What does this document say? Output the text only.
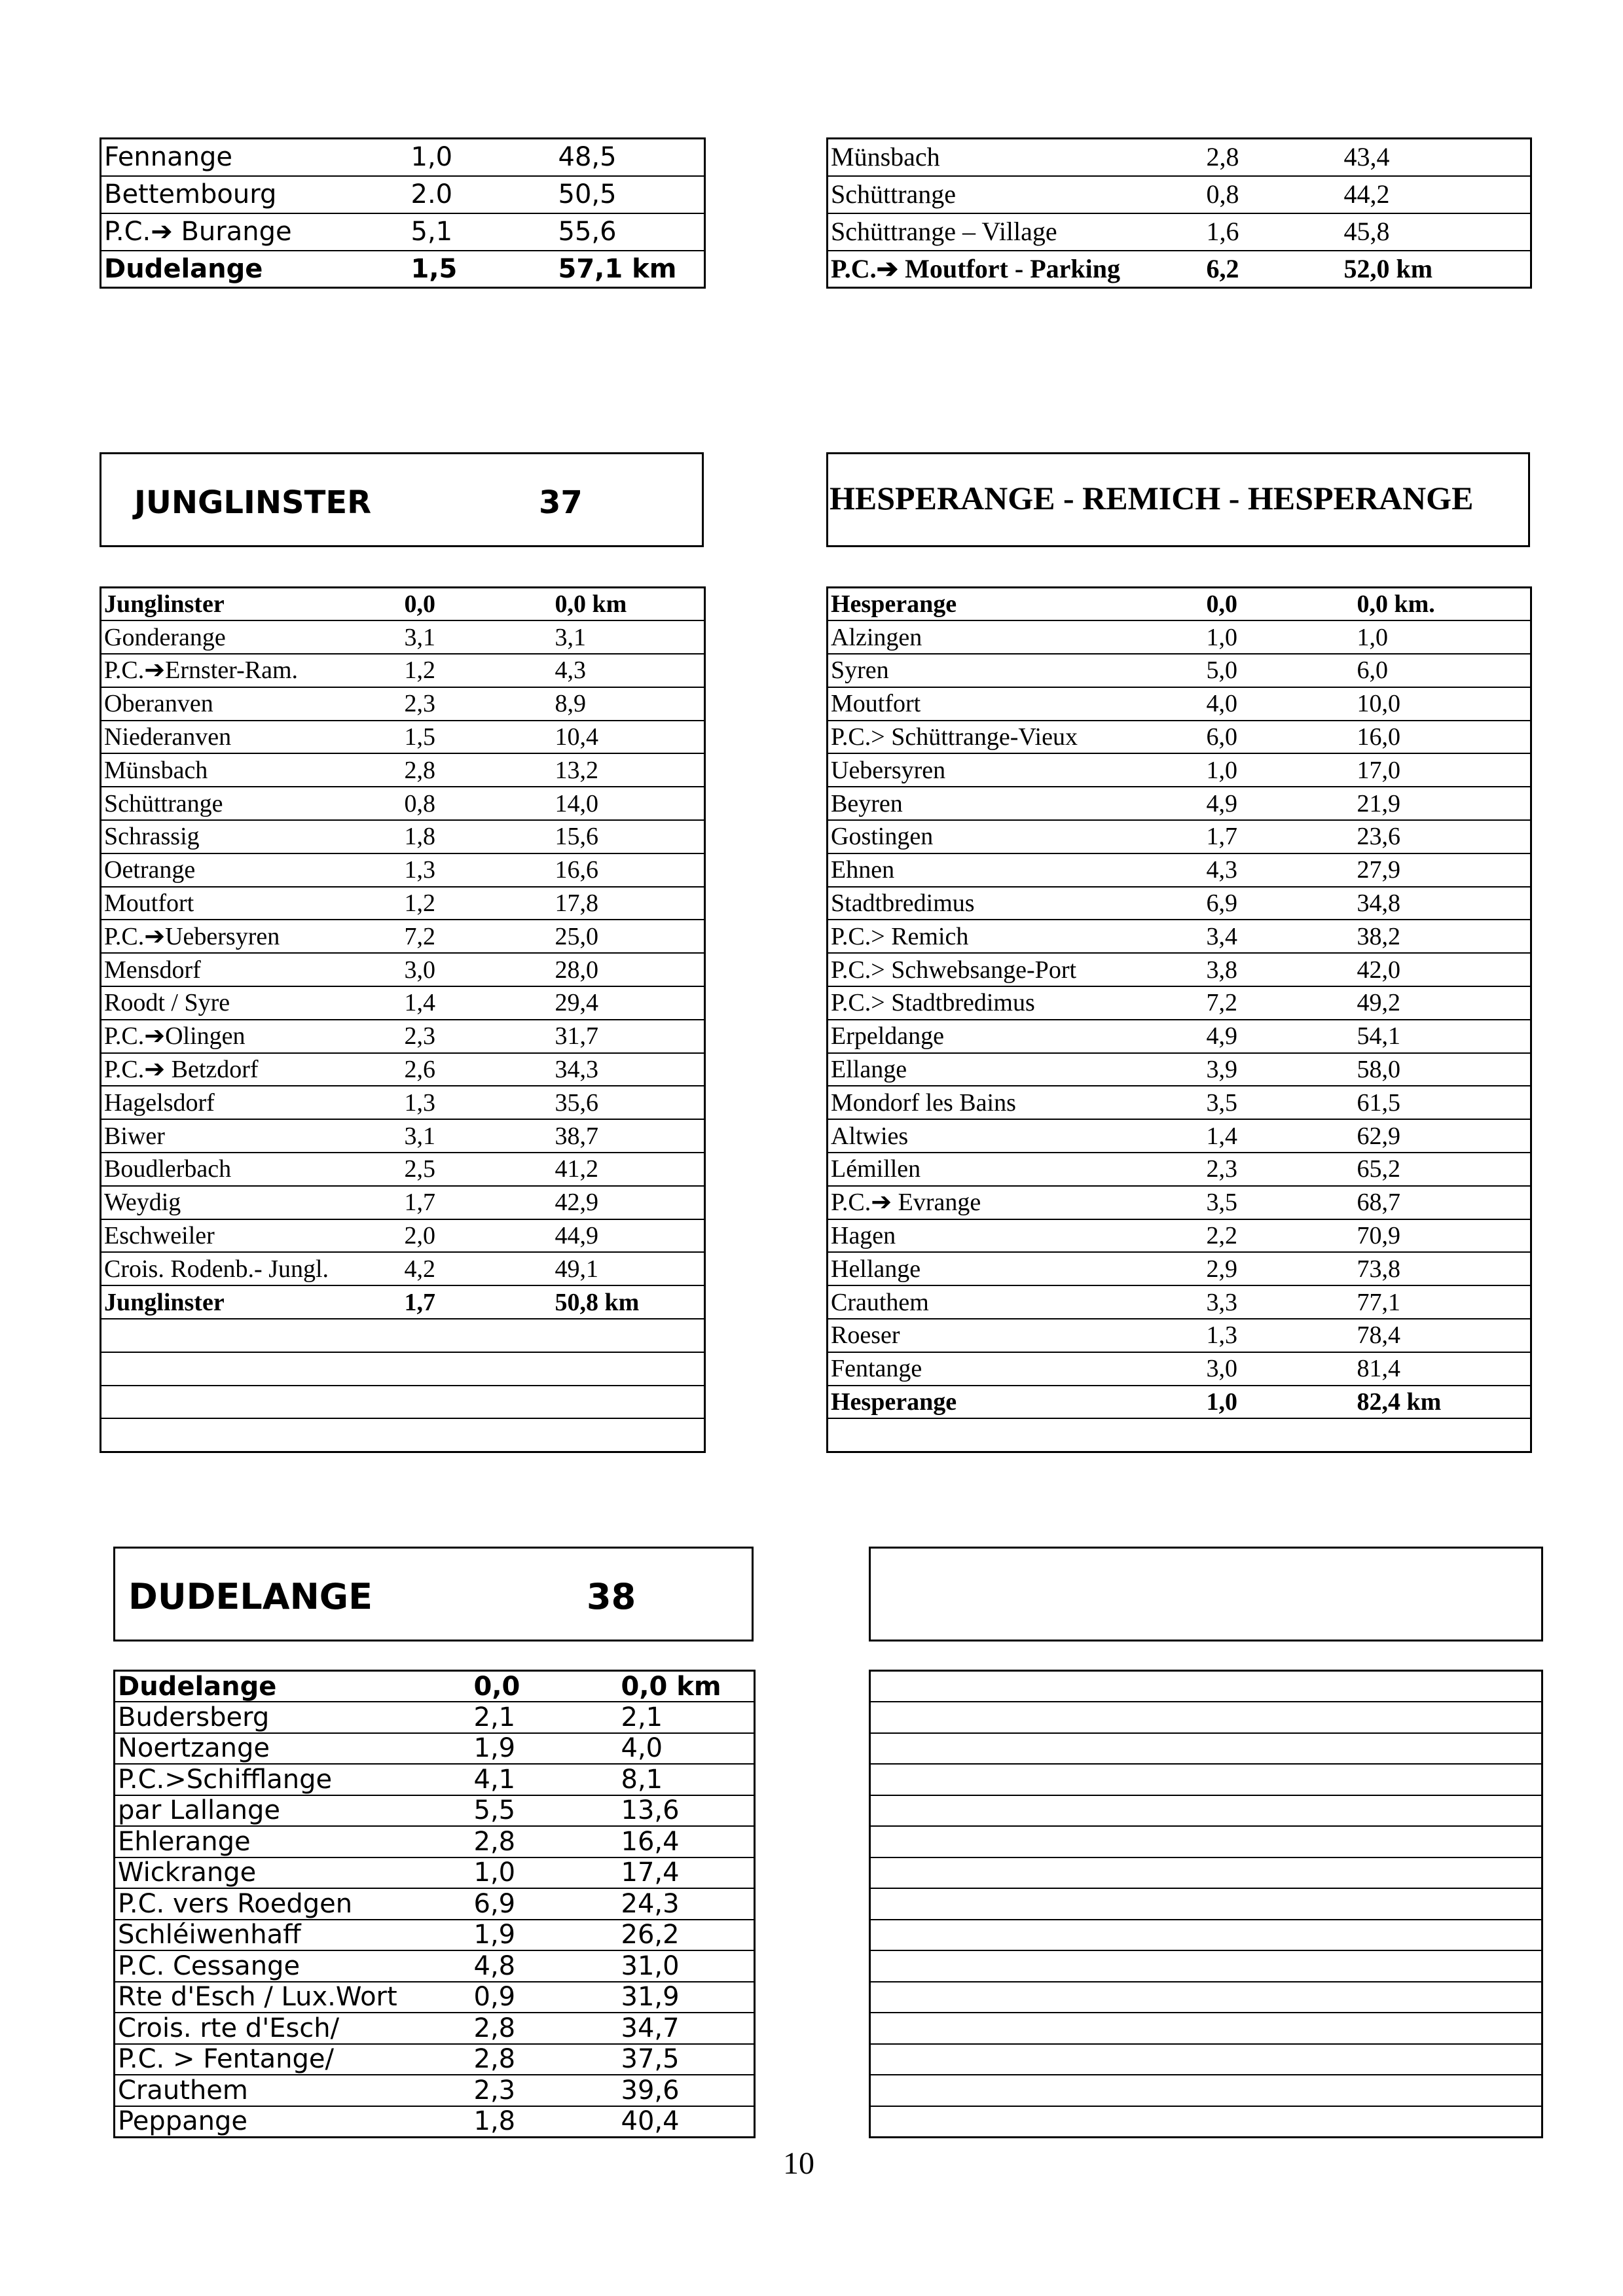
Fennange	1,0	48,5
Bettembourg	2.0	50,5
P.C.➔ Burange	5,1	55,6
Dudelange	1,5	57,1 km
Münsbach	2,8	43,4
Schüttrange	0,8	44,2
Schüttrange – Village	1,6	45,8
P.C.➔ Moutfort - Parking	6,2	52,0 km
JUNGLINSTER	37	HESPERANGE - REMICH - HESPERANGE
Junglinster	0,0	0,0 km
Gonderange	3,1	3,1
P.C.➔Ernster-Ram.	1,2	4,3
Oberanven	2,3	8,9
Niederanven	1,5	10,4
Münsbach	2,8	13,2
Schüttrange	0,8	14,0
Schrassig	1,8	15,6
Oetrange	1,3	16,6
Moutfort	1,2	17,8
P.C.➔Uebersyren	7,2	25,0
Mensdorf	3,0	28,0
Roodt / Syre	1,4	29,4
P.C.➔Olingen	2,3	31,7
P.C.➔ Betzdorf	2,6	34,3
Hagelsdorf	1,3	35,6
Biwer	3,1	38,7
Boudlerbach	2,5	41,2
Weydig	1,7	42,9
Eschweiler	2,0	44,9
Crois. Rodenb.- Jungl.	4,2	49,1
Junglinster	1,7	50,8 km

Hesperange	0,0	0,0 km.
Alzingen	1,0	1,0
Syren	5,0	6,0
Moutfort	4,0	10,0
P.C.> Schüttrange-Vieux	6,0	16,0
Uebersyren	1,0	17,0
Beyren	4,9	21,9
Gostingen	1,7	23,6
Ehnen	4,3	27,9
Stadtbredimus	6,9	34,8
P.C.> Remich	3,4	38,2
P.C.> Schwebsange-Port	3,8	42,0
P.C.> Stadtbredimus	7,2	49,2
Erpeldange	4,9	54,1
Ellange	3,9	58,0
Mondorf les Bains	3,5	61,5
Altwies	1,4	62,9
Lémillen	2,3	65,2
P.C.➔ Evrange	3,5	68,7
Hagen	2,2	70,9
Hellange	2,9	73,8
Crauthem	3,3	77,1
Roeser	1,3	78,4
Fentange	3,0	81,4
Hesperange	1,0	82,4 km

DUDELANGE	38
Dudelange	0,0	0,0 km
Budersberg	2,1	2,1
Noertzange	1,9	4,0
P.C.>Schifflange	4,1	8,1
par Lallange	5,5	13,6
Ehlerange	2,8	16,4
Wickrange	1,0	17,4
P.C. vers Roedgen	6,9	24,3
Schléiwenhaff	1,9	26,2
P.C. Cessange	4,8	31,0
Rte d'Esch / Lux.Wort	0,9	31,9
Crois. rte d'Esch/	2,8	34,7
P.C. > Fentange/	2,8	37,5
Crauthem	2,3	39,6
Peppange	1,8	40,4

10
